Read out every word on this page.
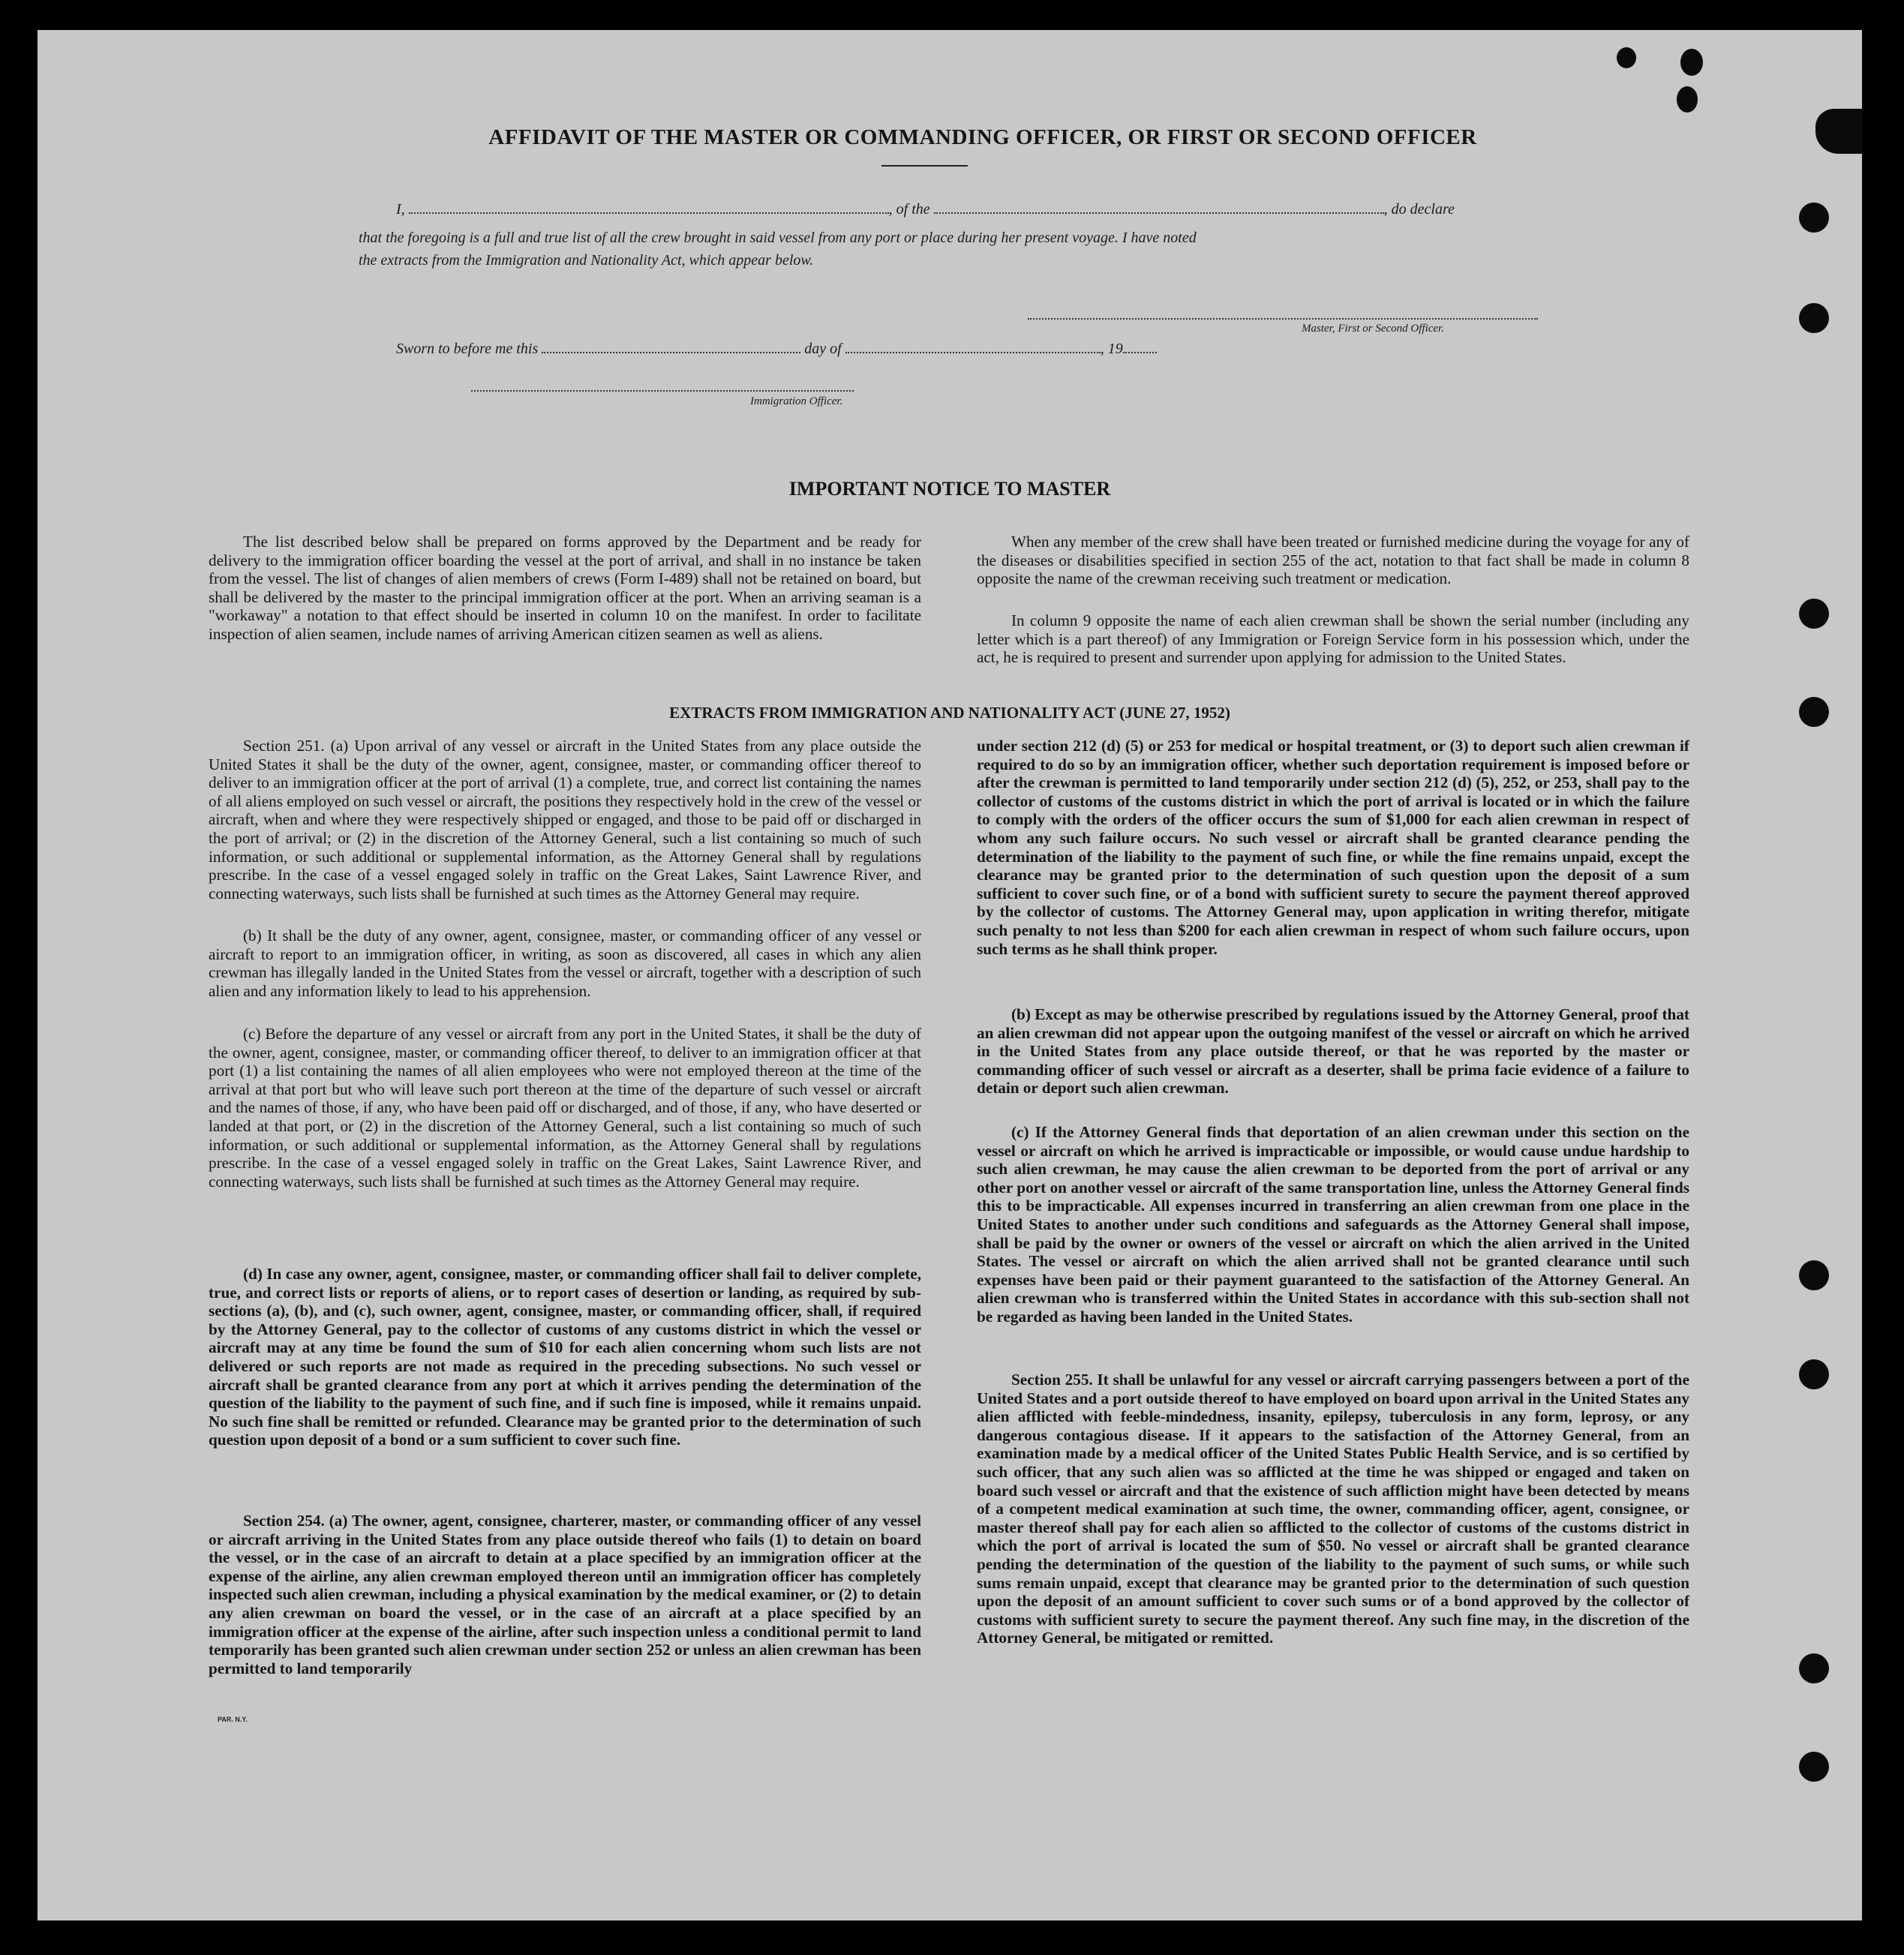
AFFIDAVIT OF THE MASTER OR COMMANDING OFFICER, OR FIRST OR SECOND OFFICER
I,	, of the	, do declare
that the foregoing is a full and true list of all the crew brought in said vessel from any port or place during her present voyage. I have noted
the extracts from the Immigration and Nationality Act, which appear below.
Master, First or Second Officer.
Sworn to before me this	day of	, 19
Immigration Officer.
IMPORTANT NOTICE TO MASTER

The list described below shall be prepared on forms approved by the Department and be ready for delivery to the immigration officer boarding the vessel at the port of arrival, and shall in no instance be taken from the vessel. The list of changes of alien members of crews (Form I-489) shall not be retained on board, but shall be delivered by the master to the principal immigration officer at the port. When an arriving seaman is a "workaway" a notation to that effect should be inserted in column 10 on the manifest. In order to facilitate inspection of alien seamen, include names of arriving American citizen seamen as well as aliens.

When any member of the crew shall have been treated or furnished medicine during the voyage for any of the diseases or disabilities specified in section 255 of the act, notation to that fact shall be made in column 8 opposite the name of the crewman receiving such treatment or medication.

In column 9 opposite the name of each alien crewman shall be shown the serial number (including any letter which is a part thereof) of any Immigration or Foreign Service form in his possession which, under the act, he is required to present and surrender upon applying for admission to the United States.

EXTRACTS FROM IMMIGRATION AND NATIONALITY ACT (JUNE 27, 1952)

Section 251. (a) Upon arrival of any vessel or aircraft in the United States from any place outside the United States it shall be the duty of the owner, agent, consignee, master, or commanding officer thereof to deliver to an immigration officer at the port of arrival (1) a complete, true, and correct list containing the names of all aliens employed on such vessel or aircraft, the positions they respectively hold in the crew of the vessel or aircraft, when and where they were respectively shipped or engaged, and those to be paid off or discharged in the port of arrival; or (2) in the discretion of the Attorney General, such a list containing so much of such information, or such additional or supplemental information, as the Attorney General shall by regulations prescribe. In the case of a vessel engaged solely in traffic on the Great Lakes, Saint Lawrence River, and connecting waterways, such lists shall be furnished at such times as the Attorney General may require.

(b) It shall be the duty of any owner, agent, consignee, master, or commanding officer of any vessel or aircraft to report to an immigration officer, in writing, as soon as discovered, all cases in which any alien crewman has illegally landed in the United States from the vessel or aircraft, together with a description of such alien and any information likely to lead to his apprehension.

(c) Before the departure of any vessel or aircraft from any port in the United States, it shall be the duty of the owner, agent, consignee, master, or commanding officer thereof, to deliver to an immigration officer at that port (1) a list containing the names of all alien employees who were not employed thereon at the time of the arrival at that port but who will leave such port thereon at the time of the departure of such vessel or aircraft and the names of those, if any, who have been paid off or discharged, and of those, if any, who have deserted or landed at that port, or (2) in the discretion of the Attorney General, such a list containing so much of such information, or such additional or supplemental information, as the Attorney General shall by regulations prescribe. In the case of a vessel engaged solely in traffic on the Great Lakes, Saint Lawrence River, and connecting waterways, such lists shall be furnished at such times as the Attorney General may require.

(d) In case any owner, agent, consignee, master, or commanding officer shall fail to deliver complete, true, and correct lists or reports of aliens, or to report cases of desertion or landing, as required by sub-sections (a), (b), and (c), such owner, agent, consignee, master, or commanding officer, shall, if required by the Attorney General, pay to the collector of customs of any customs district in which the vessel or aircraft may at any time be found the sum of $10 for each alien concerning whom such lists are not delivered or such reports are not made as required in the preceding subsections. No such vessel or aircraft shall be granted clearance from any port at which it arrives pending the determination of the question of the liability to the payment of such fine, and if such fine is imposed, while it remains unpaid. No such fine shall be remitted or refunded. Clearance may be granted prior to the determination of such question upon deposit of a bond or a sum sufficient to cover such fine.

Section 254. (a) The owner, agent, consignee, charterer, master, or commanding officer of any vessel or aircraft arriving in the United States from any place outside thereof who fails (1) to detain on board the vessel, or in the case of an aircraft to detain at a place specified by an immigration officer at the expense of the airline, any alien crewman employed thereon until an immigration officer has completely inspected such alien crewman, including a physical examination by the medical examiner, or (2) to detain any alien crewman on board the vessel, or in the case of an aircraft at a place specified by an immigration officer at the expense of the airline, after such inspection unless a conditional permit to land temporarily has been granted such alien crewman under section 252 or unless an alien crewman has been permitted to land temporarily

under section 212 (d) (5) or 253 for medical or hospital treatment, or (3) to deport such alien crewman if required to do so by an immigration officer, whether such deportation requirement is imposed before or after the crewman is permitted to land temporarily under section 212 (d) (5), 252, or 253, shall pay to the collector of customs of the customs district in which the port of arrival is located or in which the failure to comply with the orders of the officer occurs the sum of $1,000 for each alien crewman in respect of whom any such failure occurs. No such vessel or aircraft shall be granted clearance pending the determination of the liability to the payment of such fine, or while the fine remains unpaid, except the clearance may be granted prior to the determination of such question upon the deposit of a sum sufficient to cover such fine, or of a bond with sufficient surety to secure the payment thereof approved by the collector of customs. The Attorney General may, upon application in writing therefor, mitigate such penalty to not less than $200 for each alien crewman in respect of whom such failure occurs, upon such terms as he shall think proper.

(b) Except as may be otherwise prescribed by regulations issued by the Attorney General, proof that an alien crewman did not appear upon the outgoing manifest of the vessel or aircraft on which he arrived in the United States from any place outside thereof, or that he was reported by the master or commanding officer of such vessel or aircraft as a deserter, shall be prima facie evidence of a failure to detain or deport such alien crewman.

(c) If the Attorney General finds that deportation of an alien crewman under this section on the vessel or aircraft on which he arrived is impracticable or impossible, or would cause undue hardship to such alien crewman, he may cause the alien crewman to be deported from the port of arrival or any other port on another vessel or aircraft of the same transportation line, unless the Attorney General finds this to be impracticable. All expenses incurred in transferring an alien crewman from one place in the United States to another under such conditions and safeguards as the Attorney General shall impose, shall be paid by the owner or owners of the vessel or aircraft on which the alien arrived in the United States. The vessel or aircraft on which the alien arrived shall not be granted clearance until such expenses have been paid or their payment guaranteed to the satisfaction of the Attorney General. An alien crewman who is transferred within the United States in accordance with this sub-section shall not be regarded as having been landed in the United States.

Section 255. It shall be unlawful for any vessel or aircraft carrying passengers between a port of the United States and a port outside thereof to have employed on board upon arrival in the United States any alien afflicted with feeble-mindedness, insanity, epilepsy, tuberculosis in any form, leprosy, or any dangerous contagious disease. If it appears to the satisfaction of the Attorney General, from an examination made by a medical officer of the United States Public Health Service, and is so certified by such officer, that any such alien was so afflicted at the time he was shipped or engaged and taken on board such vessel or aircraft and that the existence of such affliction might have been detected by means of a competent medical examination at such time, the owner, commanding officer, agent, consignee, or master thereof shall pay for each alien so afflicted to the collector of customs of the customs district in which the port of arrival is located the sum of $50. No vessel or aircraft shall be granted clearance pending the determination of the question of the liability to the payment of such sums, or while such sums remain unpaid, except that clearance may be granted prior to the determination of such question upon the deposit of an amount sufficient to cover such sums or of a bond approved by the collector of customs with sufficient surety to secure the payment thereof. Any such fine may, in the discretion of the Attorney General, be mitigated or remitted.

PAR. N.Y.
